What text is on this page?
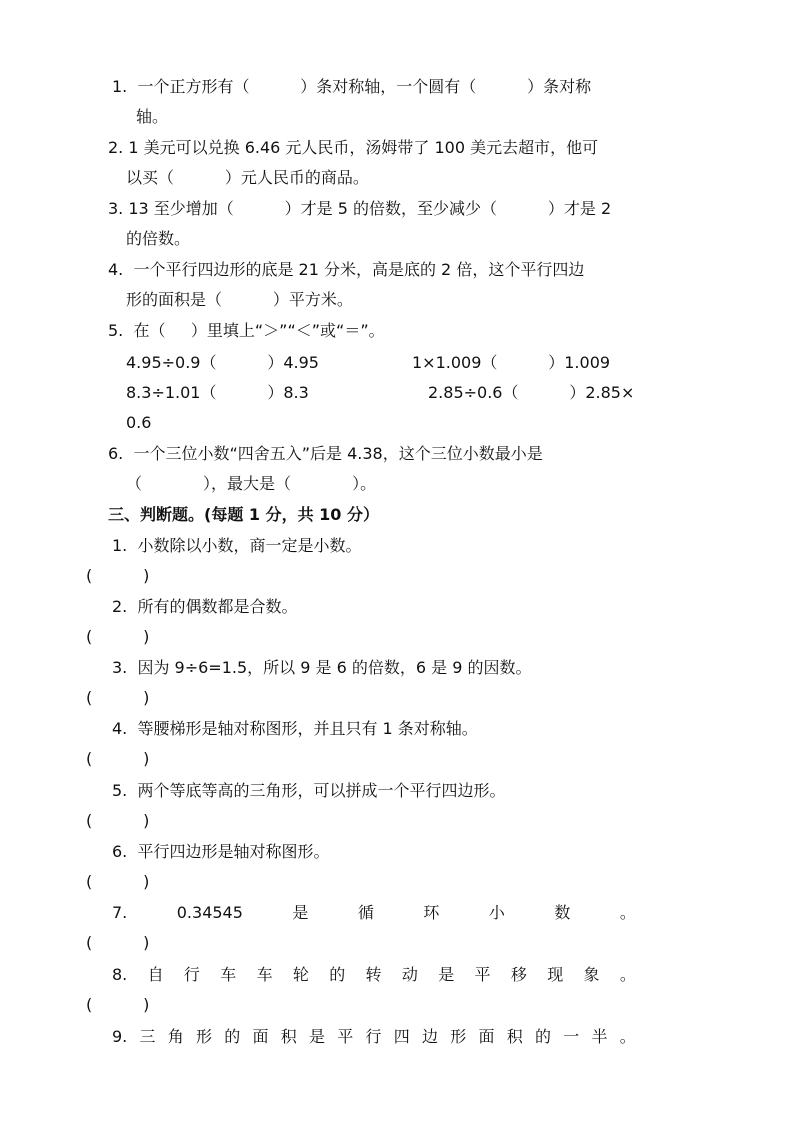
1.  一个正方形有（          ）条对称轴，一个圆有（          ）条对称
轴。
2. 1 美元可以兑换 6.46 元人民币，汤姆带了 100 美元去超市，他可
以买（          ）元人民币的商品。
3. 13 至少增加（          ）才是 5 的倍数，至少减少（          ）才是 2
的倍数。
4.  一个平行四边形的底是 21 分米，高是底的 2 倍，这个平行四边
形的面积是（          ）平方米。
5.  在（     ）里填上“＞”“＜”或“＝”。
4.95÷0.9（          ）4.95	1×1.009（          ）1.009
8.3÷1.01（          ）8.3	2.85÷0.6（          ）2.85×
0.6
6.  一个三位小数“四舍五入”后是 4.38，这个三位小数最小是
（            ），最大是（            ）。
三、判断题。(每题 1 分，共 10 分）
1.  小数除以小数，商一定是小数。
(          )
2.  所有的偶数都是合数。
(          )
3.  因为 9÷6=1.5，所以 9 是 6 的倍数，6 是 9 的因数。
(          )
4.  等腰梯形是轴对称图形，并且只有 1 条对称轴。
(          )
5.  两个等底等高的三角形，可以拼成一个平行四边形。
(          )
6.  平行四边形是轴对称图形。
(          )
7.	0.34545	是	循	环	小	数	。
(          )
8. 自 行 车 车 轮 的 转 动 是 平 移 现 象 。
(          )
9. 三 角 形 的 面 积 是 平 行 四 边 形 面 积 的 一 半 。
